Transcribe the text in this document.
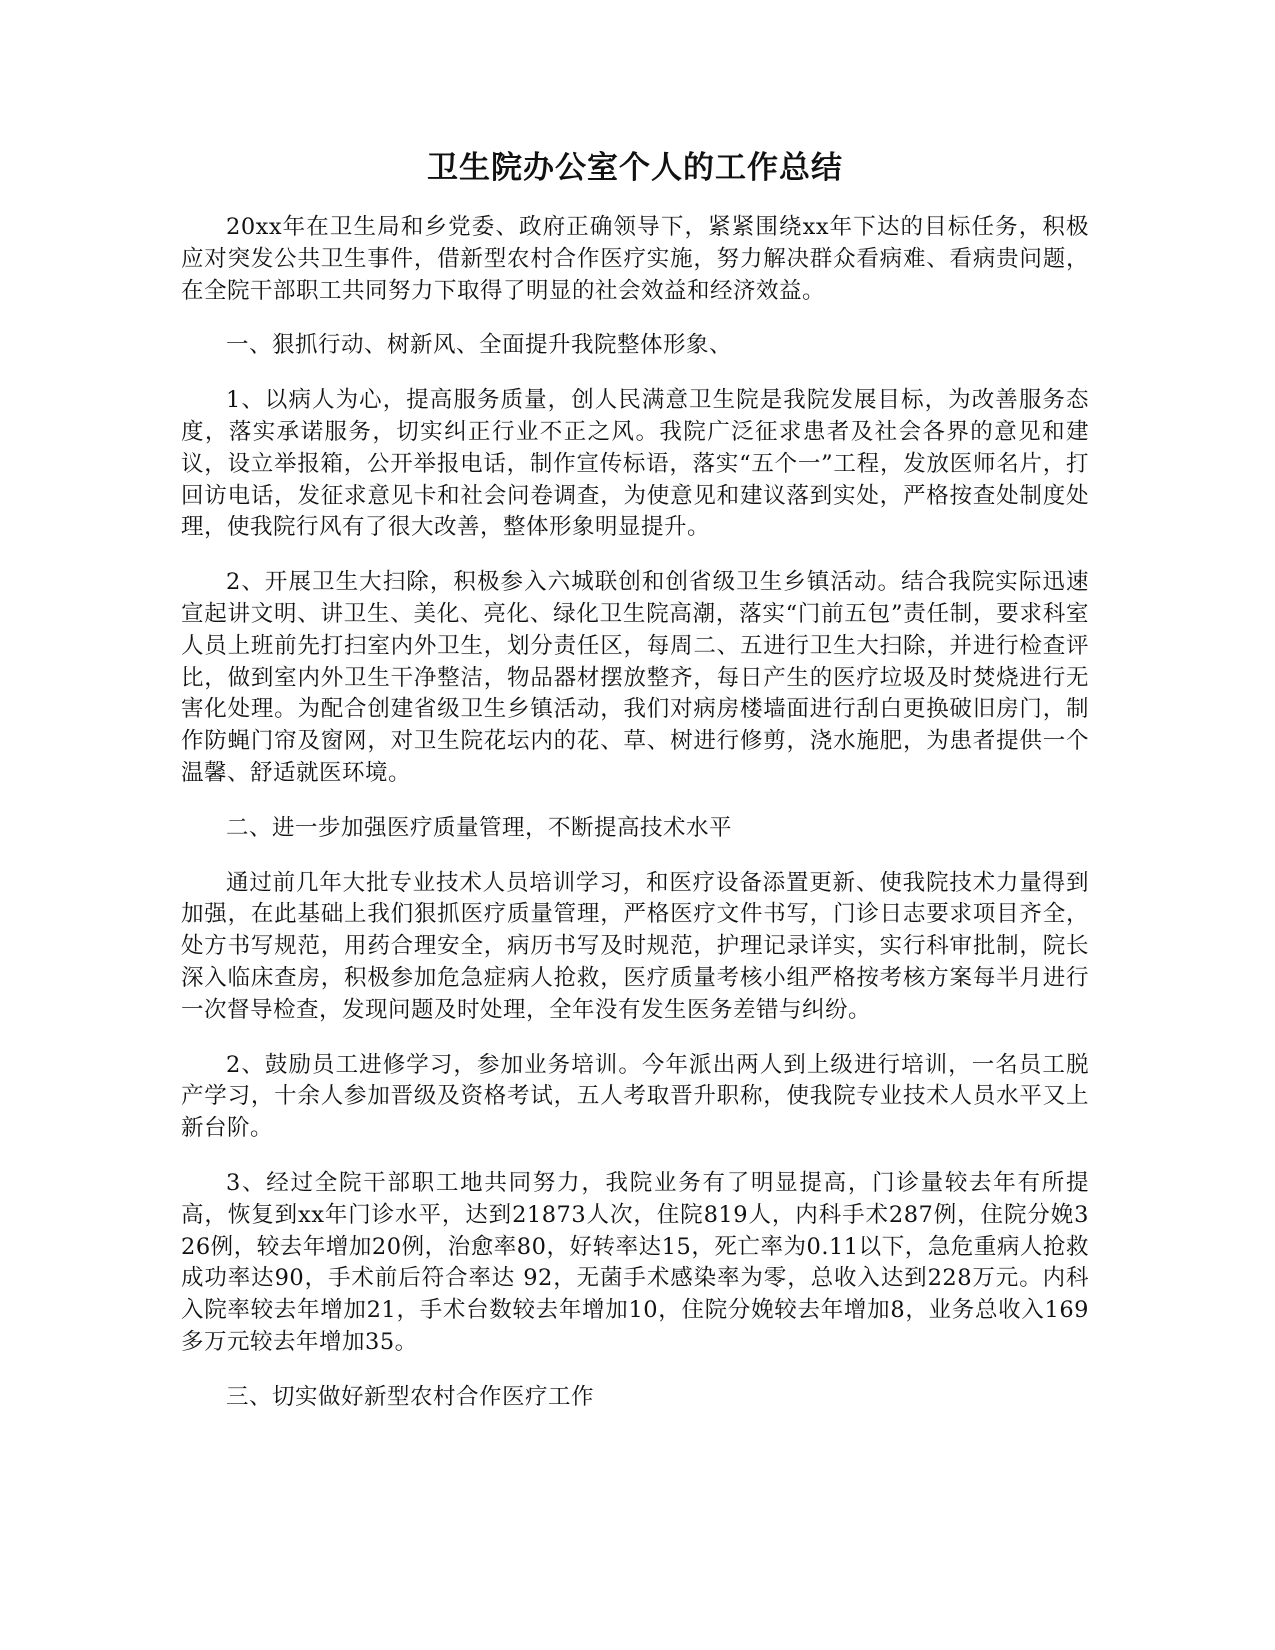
卫生院办公室个人的工作总结

20xx年在卫生局和乡党委、政府正确领导下，紧紧围绕xx年下达的目标任务，积极应对突发公共卫生事件，借新型农村合作医疗实施，努力解决群众看病难、看病贵问题，在全院干部职工共同努力下取得了明显的社会效益和经济效益。

一、狠抓行动、树新风、全面提升我院整体形象、

1、以病人为心，提高服务质量，创人民满意卫生院是我院发展目标，为改善服务态度，落实承诺服务，切实纠正行业不正之风。我院广泛征求患者及社会各界的意见和建议，设立举报箱，公开举报电话，制作宣传标语，落实“五个一”工程，发放医师名片，打回访电话，发征求意见卡和社会问卷调查，为使意见和建议落到实处，严格按查处制度处理，使我院行风有了很大改善，整体形象明显提升。

2、开展卫生大扫除，积极参入六城联创和创省级卫生乡镇活动。结合我院实际迅速宣起讲文明、讲卫生、美化、亮化、绿化卫生院高潮，落实“门前五包”责任制，要求科室人员上班前先打扫室内外卫生，划分责任区，每周二、五进行卫生大扫除，并进行检查评比，做到室内外卫生干净整洁，物品器材摆放整齐，每日产生的医疗垃圾及时焚烧进行无害化处理。为配合创建省级卫生乡镇活动，我们对病房楼墙面进行刮白更换破旧房门，制作防蝇门帘及窗网，对卫生院花坛内的花、草、树进行修剪，浇水施肥，为患者提供一个温馨、舒适就医环境。

二、进一步加强医疗质量管理，不断提高技术水平

通过前几年大批专业技术人员培训学习，和医疗设备添置更新、使我院技术力量得到加强，在此基础上我们狠抓医疗质量管理，严格医疗文件书写，门诊日志要求项目齐全，处方书写规范，用药合理安全，病历书写及时规范，护理记录详实，实行科审批制，院长深入临床查房，积极参加危急症病人抢救，医疗质量考核小组严格按考核方案每半月进行一次督导检查，发现问题及时处理，全年没有发生医务差错与纠纷。

2、鼓励员工进修学习，参加业务培训。今年派出两人到上级进行培训，一名员工脱产学习，十余人参加晋级及资格考试，五人考取晋升职称，使我院专业技术人员水平又上新台阶。

3、经过全院干部职工地共同努力，我院业务有了明显提高，门诊量较去年有所提高，恢复到xx年门诊水平，达到21873人次，住院819人，内科手术287例，住院分娩326例，较去年增加20例，治愈率80，好转率达15，死亡率为0.11以下，急危重病人抢救成功率达90，手术前后符合率达 92，无菌手术感染率为零，总收入达到228万元。内科入院率较去年增加21，手术台数较去年增加10，住院分娩较去年增加8，业务总收入169多万元较去年增加35。

三、切实做好新型农村合作医疗工作
